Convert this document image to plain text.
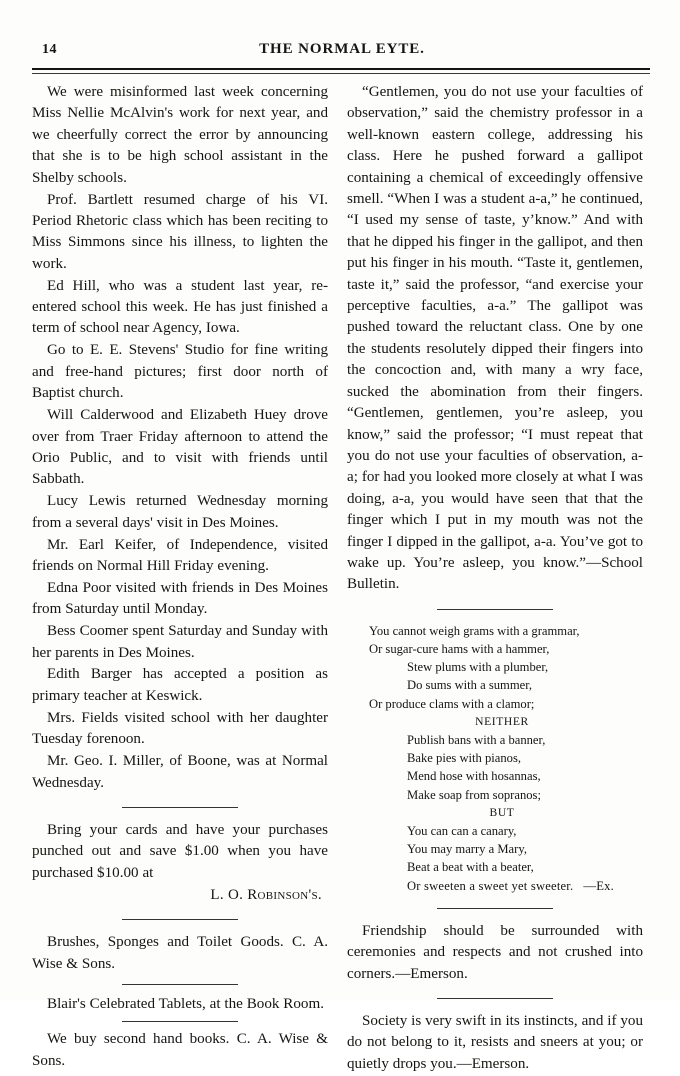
14	THE NORMAL EYTE.

We were misinformed last week concerning Miss Nellie McAlvin's work for next year, and we cheerfully correct the error by announcing that she is to be high school assistant in the Shelby schools.

Prof. Bartlett resumed charge of his VI. Period Rhetoric class which has been reciting to Miss Simmons since his illness, to lighten the work.

Ed Hill, who was a student last year, re-entered school this week. He has just finished a term of school near Agency, Iowa.

Go to E. E. Stevens' Studio for fine writing and free-hand pictures; first door north of Baptist church.

Will Calderwood and Elizabeth Huey drove over from Traer Friday afternoon to attend the Orio Public, and to visit with friends until Sabbath.

Lucy Lewis returned Wednesday morning from a several days' visit in Des Moines.

Mr. Earl Keifer, of Independence, visited friends on Normal Hill Friday evening.

Edna Poor visited with friends in Des Moines from Saturday until Monday.

Bess Coomer spent Saturday and Sunday with her parents in Des Moines.

Edith Barger has accepted a position as primary teacher at Keswick.

Mrs. Fields visited school with her daughter Tuesday forenoon.

Mr. Geo. I. Miller, of Boone, was at Normal Wednesday.

Bring your cards and have your purchases punched out and save $1.00 when you have purchased $10.00 at

L. O. Robinson's.

Brushes, Sponges and Toilet Goods. C. A. Wise & Sons.

Blair's Celebrated Tablets, at the Book Room.

We buy second hand books. C. A. Wise & Sons.

“Gentlemen, you do not use your faculties of observation,” said the chemistry professor in a well-known eastern college, addressing his class. Here he pushed forward a gallipot containing a chemical of exceedingly offensive smell. “When I was a student a-a,” he continued, “I used my sense of taste, y’know.” And with that he dipped his finger in the gallipot, and then put his finger in his mouth. “Taste it, gentlemen, taste it,” said the professor, “and exercise your perceptive faculties, a-a.” The gallipot was pushed toward the reluctant class. One by one the students resolutely dipped their fingers into the concoction and, with many a wry face, sucked the abomination from their fingers. “Gentlemen, gentlemen, you’re asleep, you know,” said the professor; “I must repeat that you do not use your faculties of observation, a-a; for had you looked more closely at what I was doing, a-a, you would have seen that that the finger which I put in my mouth was not the finger I dipped in the gallipot, a-a. You’ve got to wake up. You’re asleep, you know.”—School Bulletin.

You cannot weigh grams with a grammar,
Or sugar-cure hams with a hammer,
Stew plums with a plumber,
Do sums with a summer,
Or produce clams with a clamor;
NEITHER
Publish bans with a banner,
Bake pies with pianos,
Mend hose with hosannas,
Make soap from sopranos;
BUT
You can can a canary,
You may marry a Mary,
Beat a beat with a beater,
Or sweeten a sweet yet sweeter.   —Ex.

Friendship should be surrounded with ceremonies and respects and not crushed into corners.—Emerson.

Society is very swift in its instincts, and if you do not belong to it, resists and sneers at you; or quietly drops you.—Emerson.
